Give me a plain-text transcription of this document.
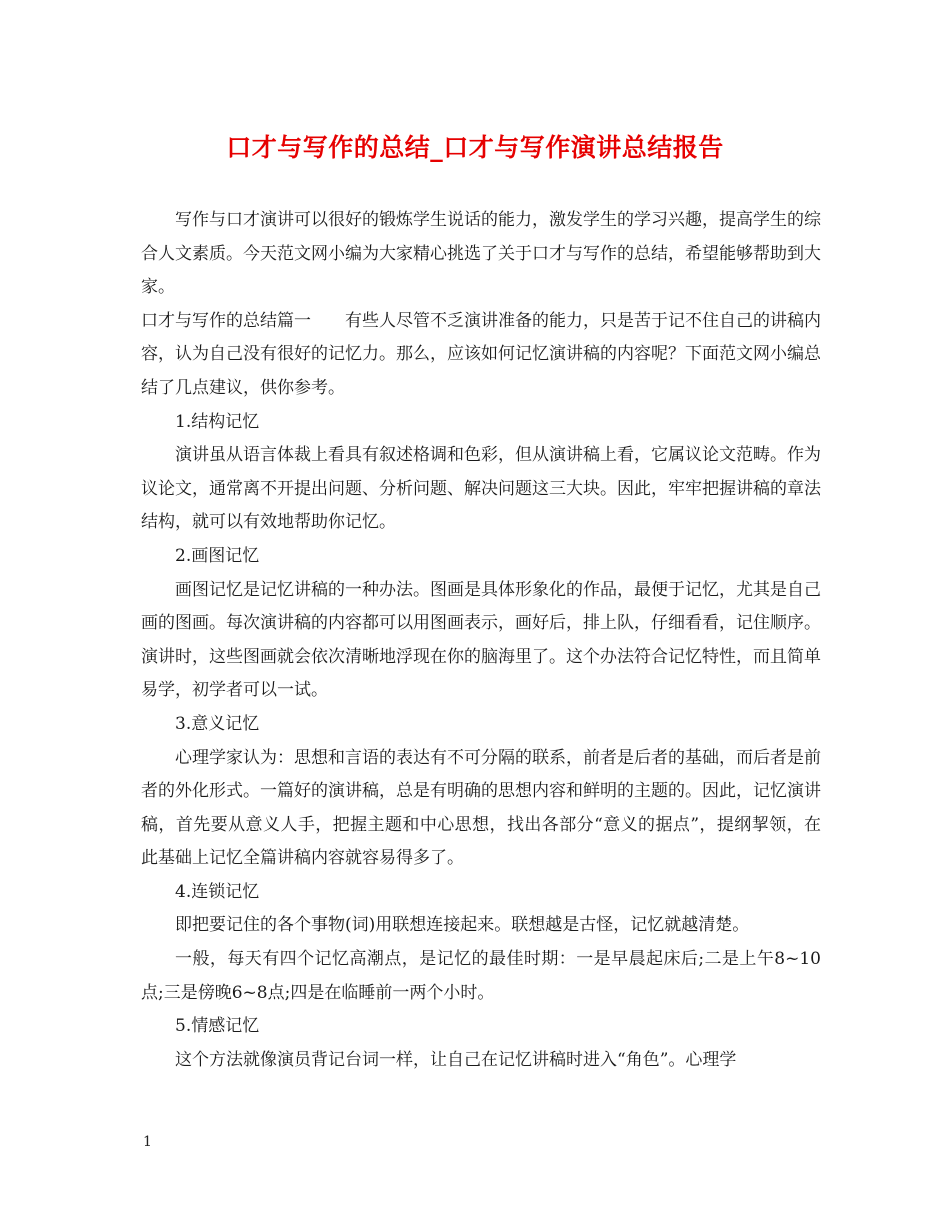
口才与写作的总结_口才与写作演讲总结报告

写作与口才演讲可以很好的锻炼学生说话的能力，激发学生的学习兴趣，提高学生的综合人文素质。今天范文网小编为大家精心挑选了关于口才与写作的总结，希望能够帮助到大家。

口才与写作的总结篇一　　有些人尽管不乏演讲准备的能力，只是苦于记不住自己的讲稿内容，认为自己没有很好的记忆力。那么，应该如何记忆演讲稿的内容呢？下面范文网小编总结了几点建议，供你参考。

1.结构记忆

演讲虽从语言体裁上看具有叙述格调和色彩，但从演讲稿上看，它属议论文范畴。作为议论文，通常离不开提出问题、分析问题、解决问题这三大块。因此，牢牢把握讲稿的章法结构，就可以有效地帮助你记忆。

2.画图记忆

画图记忆是记忆讲稿的一种办法。图画是具体形象化的作品，最便于记忆，尤其是自己画的图画。每次演讲稿的内容都可以用图画表示，画好后，排上队，仔细看看，记住顺序。演讲时，这些图画就会依次清晰地浮现在你的脑海里了。这个办法符合记忆特性，而且简单易学，初学者可以一试。

3.意义记忆

心理学家认为：思想和言语的表达有不可分隔的联系，前者是后者的基础，而后者是前者的外化形式。一篇好的演讲稿，总是有明确的思想内容和鲜明的主题的。因此，记忆演讲稿，首先要从意义人手，把握主题和中心思想，找出各部分“意义的据点”，提纲挈领，在此基础上记忆全篇讲稿内容就容易得多了。

4.连锁记忆

即把要记住的各个事物(词)用联想连接起来。联想越是古怪，记忆就越清楚。

一般，每天有四个记忆高潮点，是记忆的最佳时期：一是早晨起床后;二是上午8~10点;三是傍晚6~8点;四是在临睡前一两个小时。

5.情感记忆

这个方法就像演员背记台词一样，让自己在记忆讲稿时进入“角色”。心理学

1
